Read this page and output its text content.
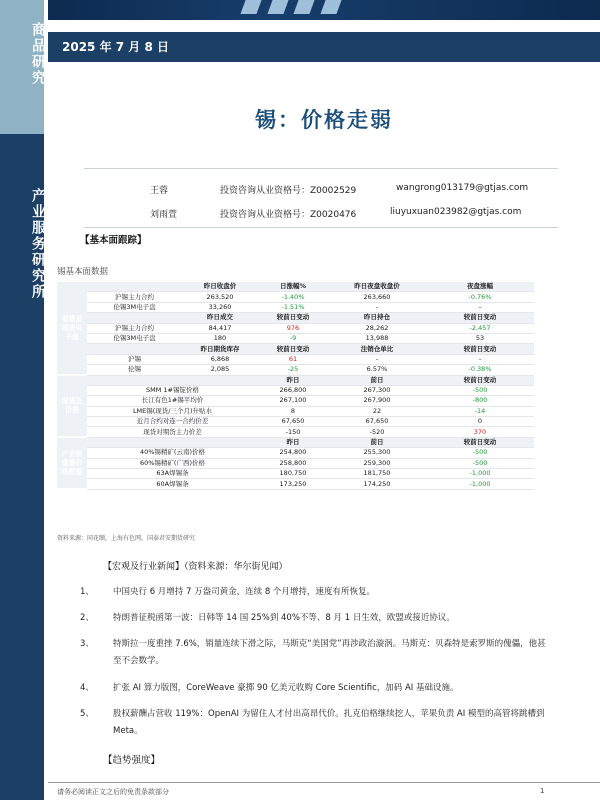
商品研究
产业服务研究所
2025 年 7 月 8 日
锡：价格走弱
王蓉	投资咨询从业资格号：Z0002529	wangrong013179@gtjas.com
刘雨萱	投资咨询从业资格号：Z0020476	liuyuxuan023982@gtjas.com
【基本面跟踪】
锡基本面数据
期货及现货电子盘		昨日收盘价	日涨幅%	昨日夜盘收盘价	夜盘涨幅
	沪锡主力合约	263,520	-1.40%	263,660	-0.76%
	伦锡3M电子盘	33,260	-1.51%	-	-
		昨日成交	较前日变动	昨日持仓	较前日变动
	沪锡主力合约	84,417	976	28,262	-2,457
	伦锡3M电子盘	180	-9	13,988	53
		昨日期货库存	较前日变动	注销仓单比	较前日变动
	沪锡	6,868	61	-	-
	伦锡	2,085	-25	6.57%	-0.38%
现货及价差			昨日	前日	较前日变动
	SMM 1#锡锭价格		266,800	267,300	-500
	长江有色1#锡平均价		267,100	267,900	-800
	LME锡(现货/三个月)升贴水		8	22	-14
	近月合约对连一合约价差		67,650	67,650	0
	现货对期货主力价差		-150	-520	370
产业链重要价格数据			昨日	前日	较前日变动
	40%锡精矿(云南)价格		254,800	255,300	-500
	60%锡精矿(广西)价格		258,800	259,300	-500
	63A焊锡条		180,750	181,750	-1,000
	60A焊锡条		173,250	174,250	-1,000
资料来源：同花顺，上海有色网，国泰君安期货研究
【宏观及行业新闻】（资料来源：华尔街见闻）
1、 中国央行 6 月增持 7 万盎司黄金，连续 8 个月增持，速度有所恢复。
2、 特朗普征税函第一波：日韩等 14 国 25%到 40%不等、8 月 1 日生效，欧盟或接近协议。
3、 特斯拉一度重挫 7.6%，销量连续下滑之际，马斯克“美国党”再涉政治漩涡。马斯克：贝森特是索罗斯的傀儡，他甚至不会数学。
4、 扩张 AI 算力版图，CoreWeave 豪掷 90 亿美元收购 Core Scientific，加码 AI 基础设施。
5、 股权薪酬占营收 119%：OpenAI 为留住人才付出高昂代价。扎克伯格继续挖人，苹果负责 AI 模型的高管将跳槽到 Meta。
【趋势强度】
请务必阅读正文之后的免责条款部分	1
